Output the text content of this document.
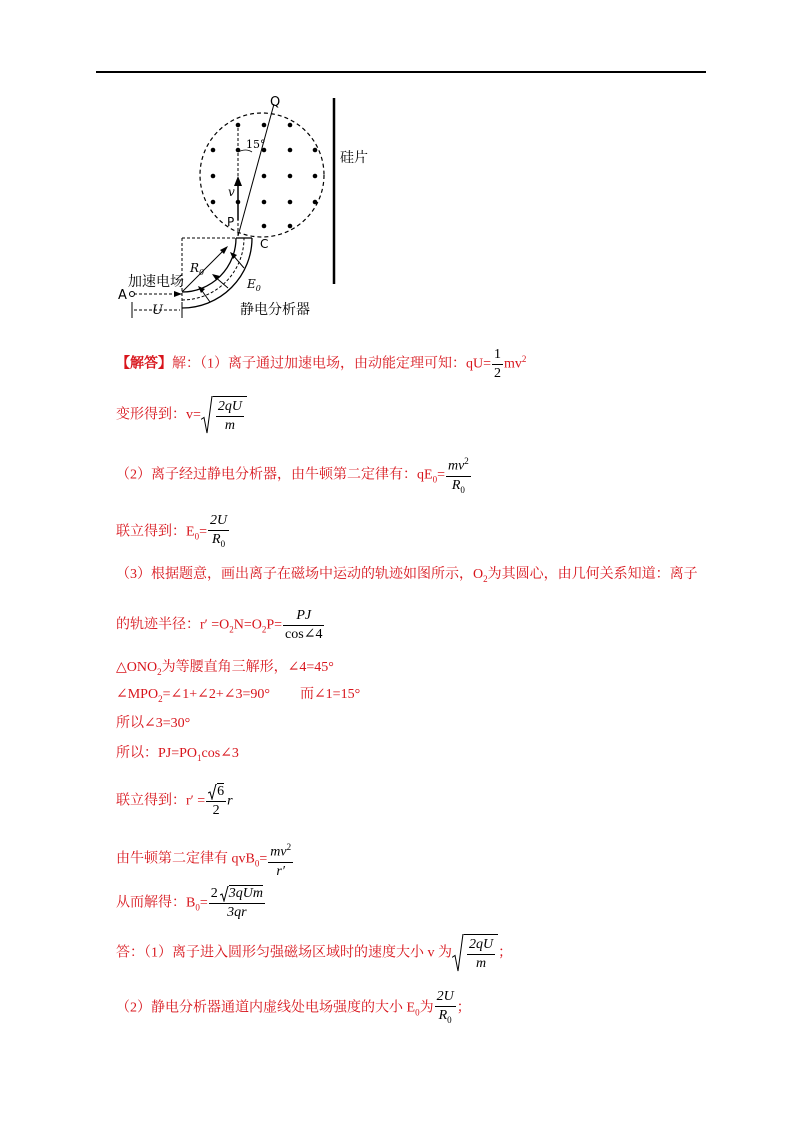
Q
15°
v
P
C
$R_0$
$E_0$
加速电场
A
U	静电分析器
硅片
【解答】解：（1）离子通过加速电场，由动能定理可知：$qU= \frac{1}{2} mv^2$
变形得到：$v= \frac{2qU}{m}$
（2）离子经过静电分析器，由牛顿第二定律有：$qE_0= \frac{mv^2}{R_0}$
联立得到：$E_0= \frac{2U}{R_0}$
（3）根据题意，画出离子在磁场中运动的轨迹如图所示，$O_2$为其圆心，由几何关系知道：离子
的轨迹半径：$r' =O_2N=O_2P= \frac{PJ}{\cos\angle 4}$
$\triangle ONO_2$为等腰直角三解形，∠4=45°
$\angle MPO_2=\angle 1+\angle 2+\angle 3=90^\circ$ 而∠1=15°
所以∠3=30°
所以：$PJ=PO_1\cos\angle 3$
联立得到：$r' = \frac{6}{2}$ r
由牛顿第二定律有 $qvB_0= \frac{mv^2}{r'}$
从而解得：$B_0= \frac{\text{2 3qUm}}{3qr}$
答：（1）离子进入圆形匀强磁场区域时的速度大小 v 为 $\frac{2qU}{m}$ ；
（2）静电分析器通道内虚线处电场强度的大小 $E_0$为 $\frac{2U}{R_0}$ ；
